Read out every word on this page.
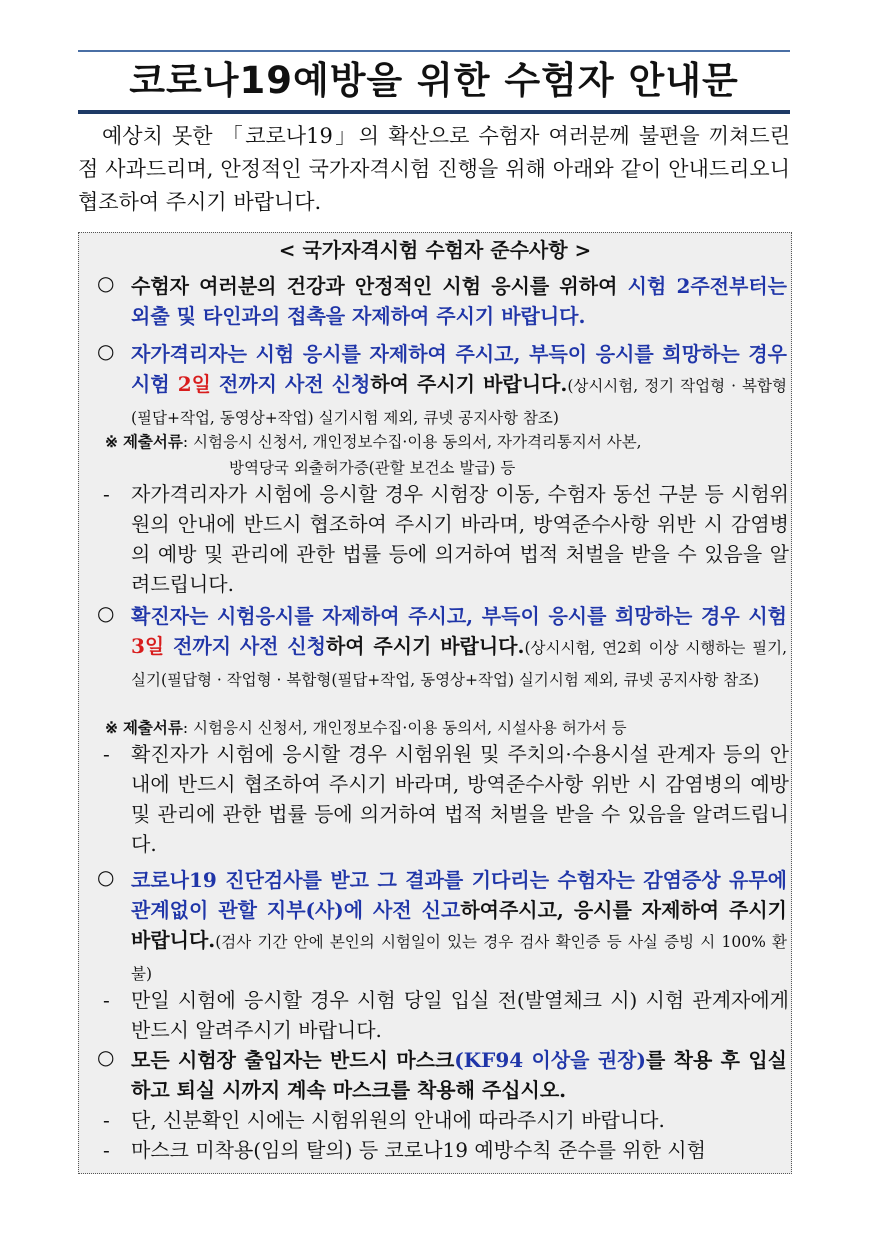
코로나19예방을 위한 수험자 안내문

예상치 못한 「코로나19」의 확산으로 수험자 여러분께 불편을 끼쳐드린 점 사과드리며, 안정적인 국가자격시험 진행을 위해 아래와 같이 안내드리오니 협조하여 주시기 바랍니다.

< 국가자격시험 수험자 준수사항 >
○ 수험자 여러분의 건강과 안정적인 시험 응시를 위하여 시험 2주전부터는 외출 및 타인과의 접촉을 자제하여 주시기 바랍니다.
○ 자가격리자는 시험 응시를 자제하여 주시고, 부득이 응시를 희망하는 경우 시험 2일 전까지 사전 신청하여 주시기 바랍니다.(상시시험, 정기 작업형 · 복합형(필답+작업, 동영상+작업) 실기시험 제외, 큐넷 공지사항 참조)
※ 제출서류: 시험응시 신청서, 개인정보수집·이용 동의서, 자가격리통지서 사본,
방역당국 외출허가증(관할 보건소 발급) 등
- 자가격리자가 시험에 응시할 경우 시험장 이동, 수험자 동선 구분 등 시험위원의 안내에 반드시 협조하여 주시기 바라며, 방역준수사항 위반 시 감염병의 예방 및 관리에 관한 법률 등에 의거하여 법적 처벌을 받을 수 있음을 알려드립니다.
○ 확진자는 시험응시를 자제하여 주시고, 부득이 응시를 희망하는 경우 시험 3일 전까지 사전 신청하여 주시기 바랍니다.(상시시험, 연2회 이상 시행하는 필기, 실기(필답형 · 작업형 · 복합형(필답+작업, 동영상+작업) 실기시험 제외, 큐넷 공지사항 참조)
※ 제출서류: 시험응시 신청서, 개인정보수집·이용 동의서, 시설사용 허가서 등
- 확진자가 시험에 응시할 경우 시험위원 및 주치의·수용시설 관계자 등의 안내에 반드시 협조하여 주시기 바라며, 방역준수사항 위반 시 감염병의 예방 및 관리에 관한 법률 등에 의거하여 법적 처벌을 받을 수 있음을 알려드립니다.
○ 코로나19 진단검사를 받고 그 결과를 기다리는 수험자는 감염증상 유무에 관계없이 관할 지부(사)에 사전 신고하여주시고, 응시를 자제하여 주시기 바랍니다.(검사 기간 안에 본인의 시험일이 있는 경우 검사 확인증 등 사실 증빙 시 100% 환불)
- 만일 시험에 응시할 경우 시험 당일 입실 전(발열체크 시) 시험 관계자에게 반드시 알려주시기 바랍니다.
○ 모든 시험장 출입자는 반드시 마스크(KF94 이상을 권장)를 착용 후 입실하고 퇴실 시까지 계속 마스크를 착용해 주십시오.
- 단, 신분확인 시에는 시험위원의 안내에 따라주시기 바랍니다.
- 마스크 미착용(임의 탈의) 등 코로나19 예방수칙 준수를 위한 시험
